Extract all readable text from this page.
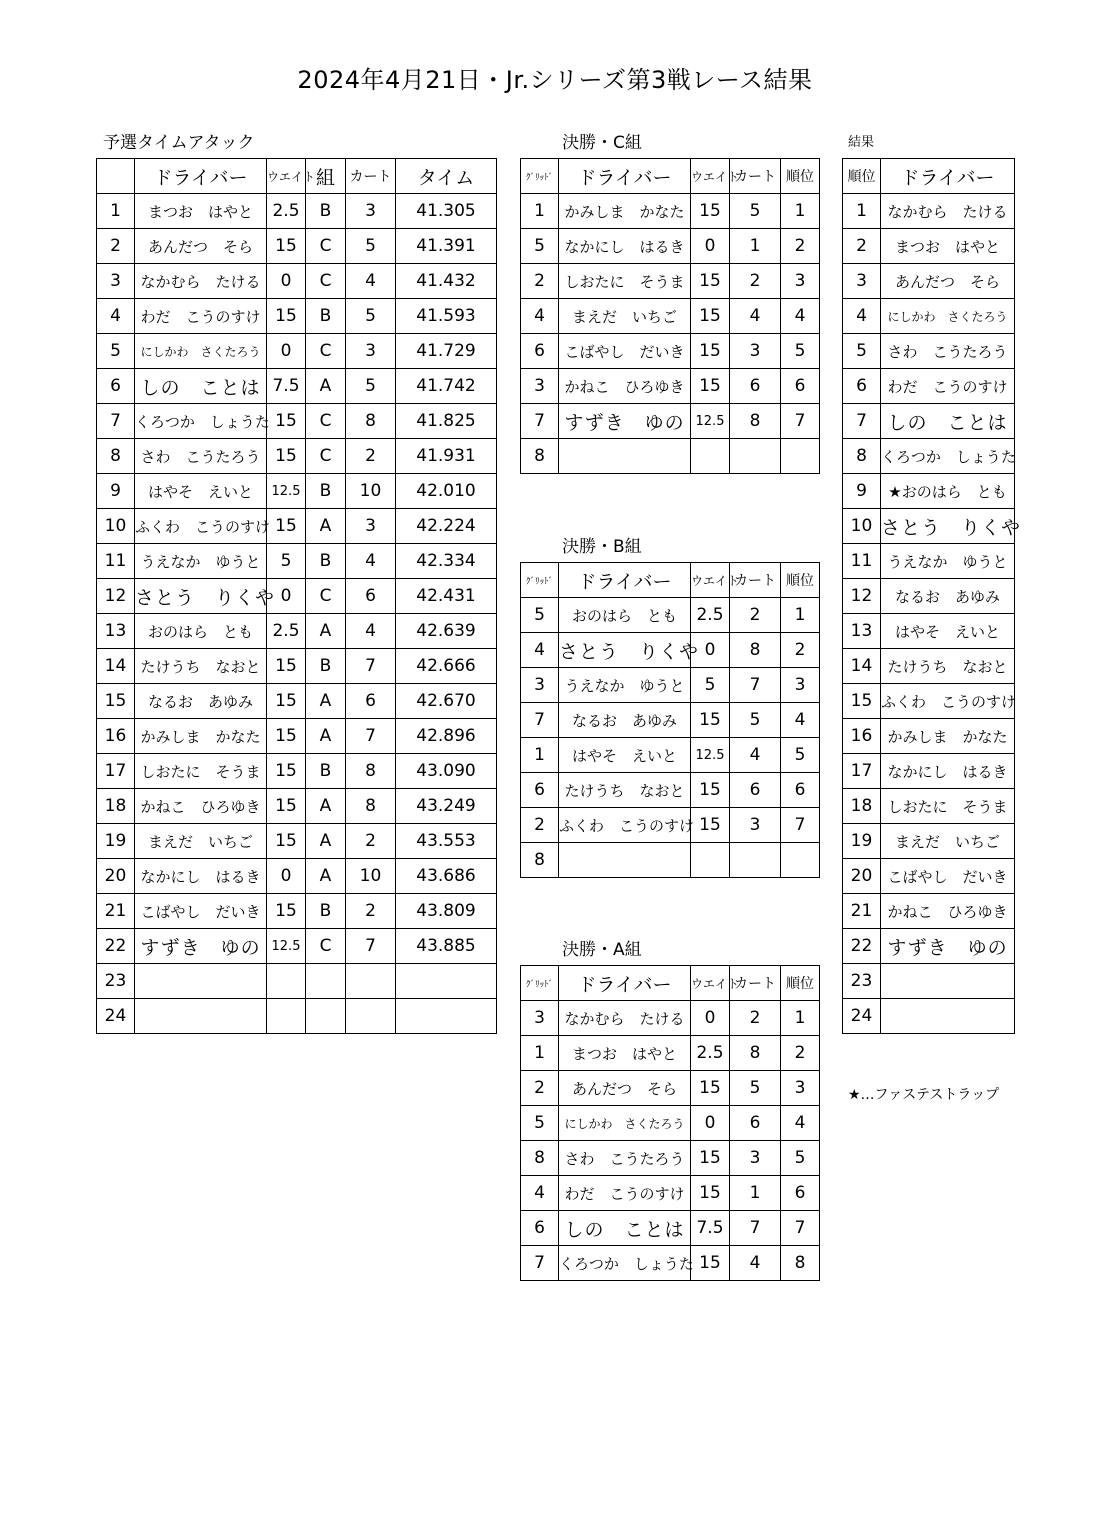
2024年4月21日・Jr.シリーズ第3戦レース結果
予選タイムアタック	決勝・C組	結果
決勝・B組
決勝・A組
	ドライバー	ウエイト	組	カート	タイム
1	まつお　はやと	2.5	B	3	41.305
2	あんだつ　そら	15	C	5	41.391
3	なかむら　たける	0	C	4	41.432
4	わだ　こうのすけ	15	B	5	41.593
5	にしかわ　さくたろう	0	C	3	41.729
6	しの　ことは	7.5	A	5	41.742
7	くろつか　しょうた	15	C	8	41.825
8	さわ　こうたろう	15	C	2	41.931
9	はやそ　えいと	12.5	B	10	42.010
10	ふくわ　こうのすけ	15	A	3	42.224
11	うえなか　ゆうと	5	B	4	42.334
12	さとう　りくや	0	C	6	42.431
13	おのはら　とも	2.5	A	4	42.639
14	たけうち　なおと	15	B	7	42.666
15	なるお　あゆみ	15	A	6	42.670
16	かみしま　かなた	15	A	7	42.896
17	しおたに　そうま	15	B	8	43.090
18	かねこ　ひろゆき	15	A	8	43.249
19	まえだ　いちご	15	A	2	43.553
20	なかにし　はるき	0	A	10	43.686
21	こばやし　だいき	15	B	2	43.809
22	すずき　ゆの	12.5	C	7	43.885
23					
24					
ｸﾞﾘｯﾄﾞ	ドライバー	ウエイト	カート	順位
1	かみしま　かなた	15	5	1
5	なかにし　はるき	0	1	2
2	しおたに　そうま	15	2	3
4	まえだ　いちご	15	4	4
6	こばやし　だいき	15	3	5
3	かねこ　ひろゆき	15	6	6
7	すずき　ゆの	12.5	8	7
8				
ｸﾞﾘｯﾄﾞ	ドライバー	ウエイト	カート	順位
5	おのはら　とも	2.5	2	1
4	さとう　りくや	0	8	2
3	うえなか　ゆうと	5	7	3
7	なるお　あゆみ	15	5	4
1	はやそ　えいと	12.5	4	5
6	たけうち　なおと	15	6	6
2	ふくわ　こうのすけ	15	3	7
8				
ｸﾞﾘｯﾄﾞ	ドライバー	ウエイト	カート	順位
3	なかむら　たける	0	2	1
1	まつお　はやと	2.5	8	2
2	あんだつ　そら	15	5	3
5	にしかわ　さくたろう	0	6	4
8	さわ　こうたろう	15	3	5
4	わだ　こうのすけ	15	1	6
6	しの　ことは	7.5	7	7
7	くろつか　しょうた	15	4	8
順位	ドライバー
1	なかむら　たける
2	まつお　はやと
3	あんだつ　そら
4	にしかわ　さくたろう
5	さわ　こうたろう
6	わだ　こうのすけ
7	しの　ことは
8	くろつか　しょうた
9	★おのはら　とも
10	さとう　りくや
11	うえなか　ゆうと
12	なるお　あゆみ
13	はやそ　えいと
14	たけうち　なおと
15	ふくわ　こうのすけ
16	かみしま　かなた
17	なかにし　はるき
18	しおたに　そうま
19	まえだ　いちご
20	こばやし　だいき
21	かねこ　ひろゆき
22	すずき　ゆの
23	
24	
★…ファステストラップ
